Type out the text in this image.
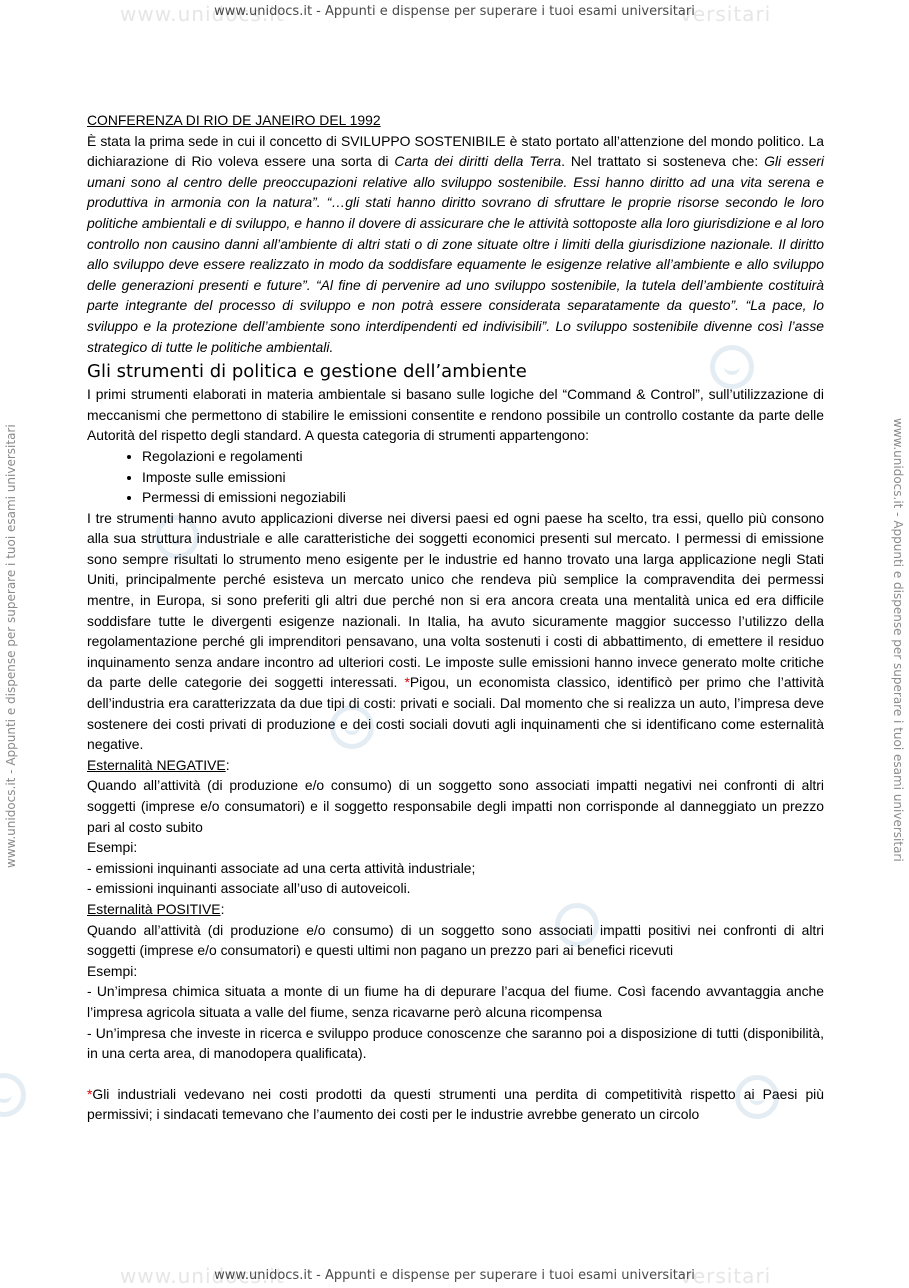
www.unidocs.it	versitari
www.unidocs.it	versitari
www.unidocs.it - Appunti e dispense per superare i tuoi esami universitari
www.unidocs.it - Appunti e dispense per superare i tuoi esami universitari
www.unidocs.it - Appunti e dispense per superare i tuoi esami universitari	www.unidocs.it - Appunti e dispense per superare i tuoi esami universitari
CONFERENZA DI RIO DE JANEIRO DEL 1992

È stata la prima sede in cui il concetto di SVILUPPO SOSTENIBILE è stato portato all’attenzione del mondo politico. La dichiarazione di Rio voleva essere una sorta di Carta dei diritti della Terra. Nel trattato si sosteneva che: Gli esseri umani sono al centro delle preoccupazioni relative allo sviluppo sostenibile. Essi hanno diritto ad una vita serena e produttiva in armonia con la natura”. “…gli stati hanno diritto sovrano di sfruttare le proprie risorse secondo le loro politiche ambientali e di sviluppo, e hanno il dovere di assicurare che le attività sottoposte alla loro giurisdizione e al loro controllo non causino danni all’ambiente di altri stati o di zone situate oltre i limiti della giurisdizione nazionale. Il diritto allo sviluppo deve essere realizzato in modo da soddisfare equamente le esigenze relative all’ambiente e allo sviluppo delle generazioni presenti e future”. “Al fine di pervenire ad uno sviluppo sostenibile, la tutela dell’ambiente costituirà parte integrante del processo di sviluppo e non potrà essere considerata separatamente da questo”. “La pace, lo sviluppo e la protezione dell’ambiente sono interdipendenti ed indivisibili”. Lo sviluppo sostenibile divenne così l’asse strategico di tutte le politiche ambientali.

Gli strumenti di politica e gestione dell’ambiente

I primi strumenti elaborati in materia ambientale si basano sulle logiche del “Command & Control”, sull’utilizzazione di meccanismi che permettono di stabilire le emissioni consentite e rendono possibile un controllo costante da parte delle Autorità del rispetto degli standard. A questa categoria di strumenti appartengono:

• Regolazioni e regolamenti
• Imposte sulle emissioni
• Permessi di emissioni negoziabili

I tre strumenti hanno avuto applicazioni diverse nei diversi paesi ed ogni paese ha scelto, tra essi, quello più consono alla sua struttura industriale e alle caratteristiche dei soggetti economici presenti sul mercato. I permessi di emissione sono sempre risultati lo strumento meno esigente per le industrie ed hanno trovato una larga applicazione negli Stati Uniti, principalmente perché esisteva un mercato unico che rendeva più semplice la compravendita dei permessi mentre, in Europa, si sono preferiti gli altri due perché non si era ancora creata una mentalità unica ed era difficile soddisfare tutte le divergenti esigenze nazionali. In Italia, ha avuto sicuramente maggior successo l’utilizzo della regolamentazione perché gli imprenditori pensavano, una volta sostenuti i costi di abbattimento, di emettere il residuo inquinamento senza andare incontro ad ulteriori costi. Le imposte sulle emissioni hanno invece generato molte critiche da parte delle categorie dei soggetti interessati. *Pigou, un economista classico, identificò per primo che l’attività dell’industria era caratterizzata da due tipi di costi: privati e sociali. Dal momento che si realizza un auto, l’impresa deve sostenere dei costi privati di produzione e dei costi sociali dovuti agli inquinamenti che si identificano come esternalità negative.

Esternalità NEGATIVE:

Quando all’attività (di produzione e/o consumo) di un soggetto sono associati impatti negativi nei confronti di altri soggetti (imprese e/o consumatori) e il soggetto responsabile degli impatti non corrisponde al danneggiato un prezzo pari al costo subito

Esempi:
- emissioni inquinanti associate ad una certa attività industriale;
- emissioni inquinanti associate all’uso di autoveicoli.
Esternalità POSITIVE:

Quando all’attività (di produzione e/o consumo) di un soggetto sono associati impatti positivi nei confronti di altri soggetti (imprese e/o consumatori) e questi ultimi non pagano un prezzo pari ai benefici ricevuti

Esempi:

- Un’impresa chimica situata a monte di un fiume ha di depurare l’acqua del fiume. Così facendo avvantaggia anche l’impresa agricola situata a valle del fiume, senza ricavarne però alcuna ricompensa

- Un’impresa che investe in ricerca e sviluppo produce conoscenze che saranno poi a disposizione di tutti (disponibilità, in una certa area, di manodopera qualificata).

*Gli industriali vedevano nei costi prodotti da questi strumenti una perdita di competitività rispetto ai Paesi più permissivi; i sindacati temevano che l’aumento dei costi per le industrie avrebbe generato un circolo
